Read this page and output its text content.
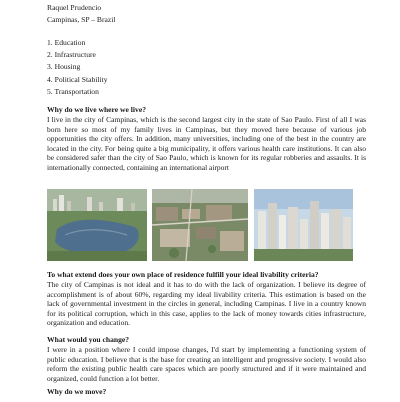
Raquel Prudencio
Campinas, SP – Brazil
1. Education
2. Infrastructure
3. Housing
4. Political Stability
5. Transportation

Why do we live where we live?

I live in the city of Campinas, which is the second largest city in the state of Sao Paulo. First of all I was born here so most of my family lives in Campinas, but they moved here because of various job opportunities the city offers. In addition, many universities, including one of the best in the country are located in the city. For being quite a big municipality, it offers various health care institutions. It can also be considered safer than the city of Sao Paulo, which is known for its regular robberies and assaults. It is internationally connected, containing an international airport

To what extend does your own place of residence fulfill your ideal livability criteria?

The city of Campinas is not ideal and it has to do with the lack of organization. I believe its degree of accomplishment is of about 60%, regarding my ideal livability criteria. This estimation is based on the lack of governmental investment in the circles in general, including Campinas. I live in a country known for its political corruption, which in this case, applies to the lack of money towards cities infrastructure, organization and education.

What would you change?

I were in a position where I could impose changes, I'd start by implementing a functioning system of public education. I believe that is the base for creating an intelligent and progressive society. I would also reform the existing public health care spaces which are poorly structured and if it were maintained and organized, could function a lot better.

Why do we move?
